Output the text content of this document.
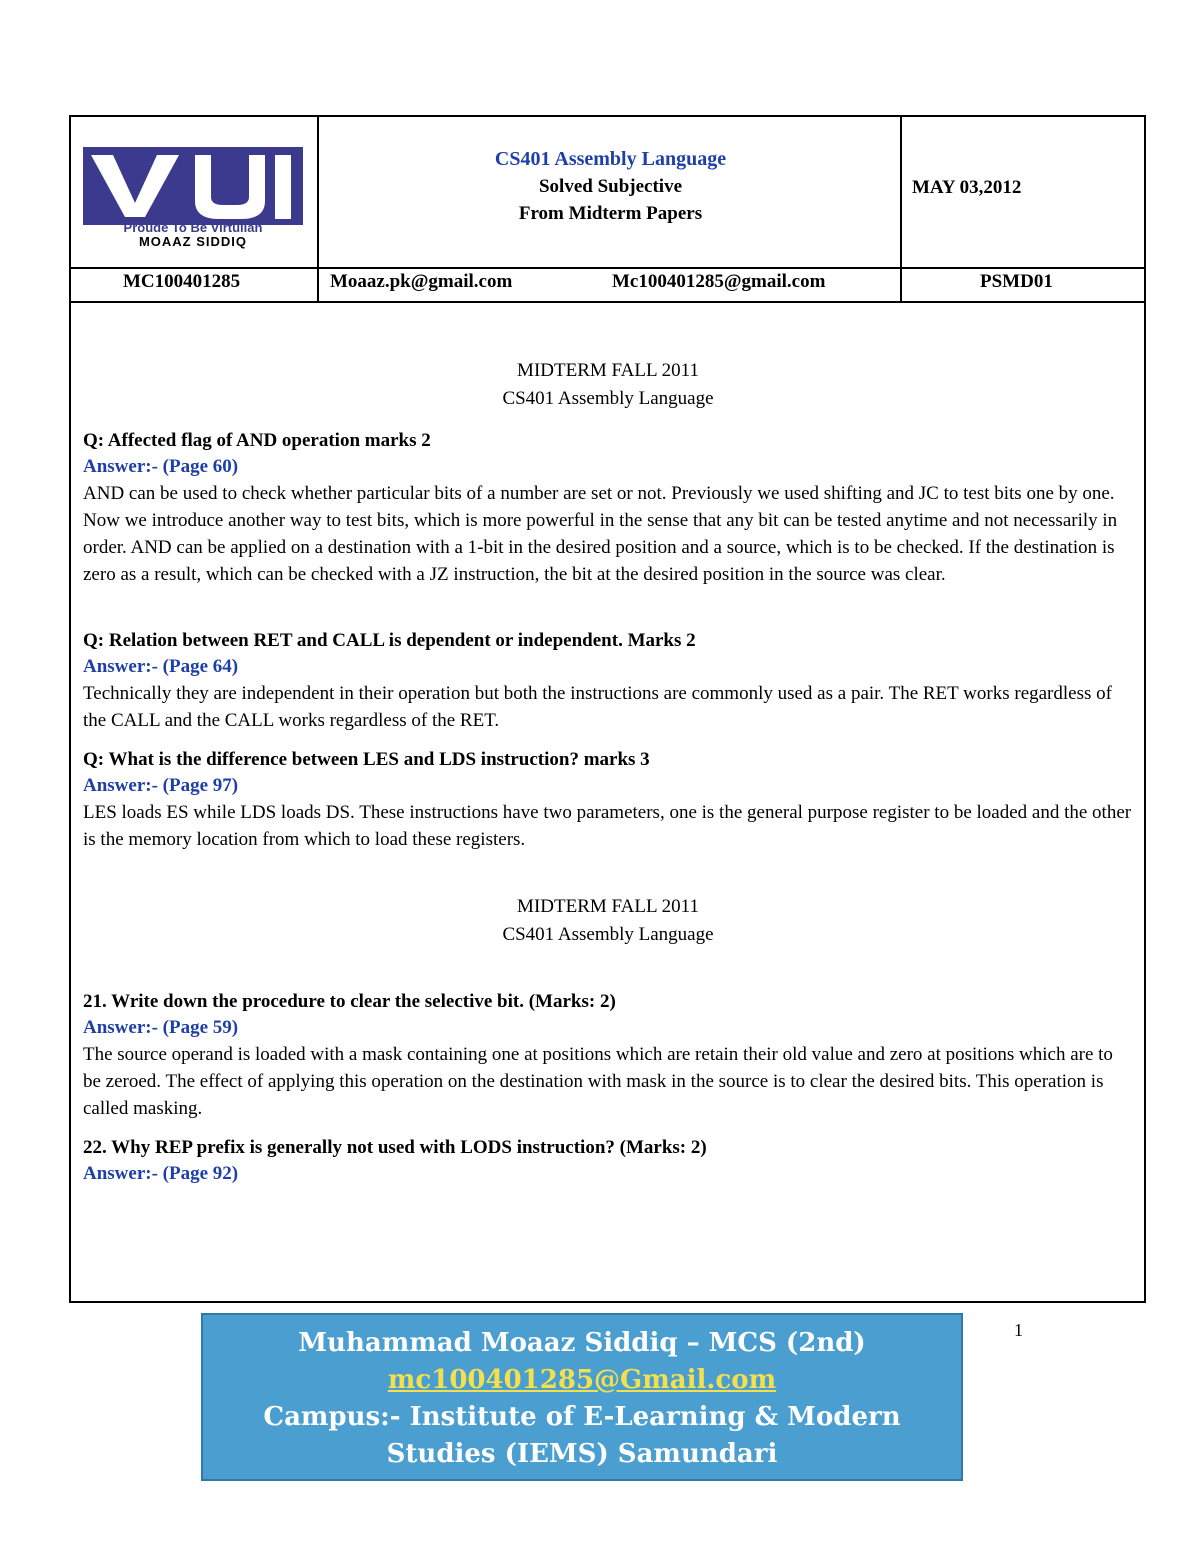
Proude To Be Virtulian
MOAAZ SIDDIQ
CS401 Assembly Language
Solved Subjective
From Midterm Papers
MAY 03,2012
MC100401285	Moaaz.pk@gmail.com	Mc100401285@gmail.com	PSMD01
MIDTERM FALL 2011
CS401 Assembly Language
Q: Affected flag of AND operation marks 2
Answer:- (Page 60)
AND can be used to check whether particular bits of a number are set or not. Previously we used shifting and JC to test bits one by one. Now we introduce another way to test bits, which is more powerful in the sense that any bit can be tested anytime and not necessarily in order. AND can be applied on a destination with a 1-bit in the desired position and a source, which is to be checked. If the destination is zero as a result, which can be checked with a JZ instruction, the bit at the desired position in the source was clear.
Q: Relation between RET and CALL is dependent or independent. Marks 2
Answer:- (Page 64)
Technically they are independent in their operation but both the instructions are commonly used as a pair. The RET works regardless of the CALL and the CALL works regardless of the RET.
Q: What is the difference between LES and LDS instruction? marks 3
Answer:- (Page 97)
LES loads ES while LDS loads DS. These instructions have two parameters, one is the general purpose register to be loaded and the other is the memory location from which to load these registers.
MIDTERM FALL 2011
CS401 Assembly Language
21. Write down the procedure to clear the selective bit. (Marks: 2)
Answer:- (Page 59)
The source operand is loaded with a mask containing one at positions which are retain their old value and zero at positions which are to be zeroed. The effect of applying this operation on the destination with mask in the source is to clear the desired bits. This operation is called masking.
22. Why REP prefix is generally not used with LODS instruction? (Marks: 2)
Answer:- (Page 92)
Muhammad Moaaz Siddiq – MCS (2nd)
mc100401285@Gmail.com
Campus:- Institute of E-Learning & Modern
Studies (IEMS) Samundari
1
